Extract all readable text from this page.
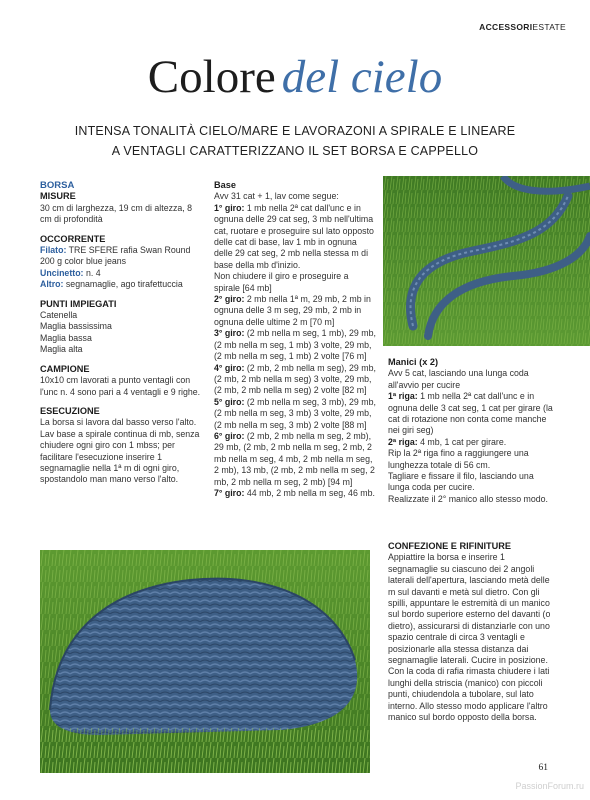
ACCESSORIESTATE
Colore del cielo
INTENSA TONALITÀ CIELO/MARE E LAVORAZONI A SPIRALE E LINEARE
A VENTAGLI CARATTERIZZANO IL SET BORSA E CAPPELLO
BORSA
MISURE

30 cm di larghezza, 19 cm di altezza, 8 cm di profondità

OCCORRENTE

Filato: TRE SFERE rafia Swan Round 200 g color blue jeans

Uncinetto: n. 4

Altro: segnamaglie, ago tirafettuccia

PUNTI IMPIEGATI

Catenella

Maglia bassissima

Maglia bassa

Maglia alta

CAMPIONE

10x10 cm lavorati a punto ventagli con l'unc n. 4 sono pari a 4 ventagli e 9 righe.

ESECUZIONE

La borsa si lavora dal basso verso l'alto. Lav base a spirale continua di mb, senza chiudere ogni giro con 1 mbss; per facilitare l'esecuzione inserire 1 segnamaglie nella 1ª m di ogni giro, spostandolo man mano verso l'alto.

Base

Avv 31 cat + 1, lav come segue:

1° giro: 1 mb nella 2ª cat dall'unc e in ognuna delle 29 cat seg, 3 mb nell'ultima cat, ruotare e proseguire sul lato opposto delle cat di base, lav 1 mb in ognuna delle 29 cat seg, 2 mb nella stessa m di base della mb d'inizio.

Non chiudere il giro e proseguire a spirale [64 mb]

2° giro: 2 mb nella 1ª m, 29 mb, 2 mb in ognuna delle 3 m seg, 29 mb, 2 mb in ognuna delle ultime 2 m [70 m]

3° giro: (2 mb nella m seg, 1 mb), 29 mb, (2 mb nella m seg, 1 mb) 3 volte, 29 mb, (2 mb nella m seg, 1 mb) 2 volte [76 m]

4° giro: (2 mb, 2 mb nella m seg), 29 mb, (2 mb, 2 mb nella m seg) 3 volte, 29 mb, (2 mb, 2 mb nella m seg) 2 volte [82 m]

5° giro: (2 mb nella m seg, 3 mb), 29 mb, (2 mb nella m seg, 3 mb) 3 volte, 29 mb, (2 mb nella m seg, 3 mb) 2 volte [88 m]

6° giro: (2 mb, 2 mb nella m seg, 2 mb), 29 mb, (2 mb, 2 mb nella m seg, 2 mb, 2 mb nella m seg, 4 mb, 2 mb nella m seg, 2 mb), 13 mb, (2 mb, 2 mb nella m seg, 2 mb, 2 mb nella m seg, 2 mb) [94 m]

7° giro: 44 mb, 2 mb nella m seg, 46 mb.

Manici (x 2)

Avv 5 cat, lasciando una lunga coda all'avvio per cucire

1ª riga: 1 mb nella 2ª cat dall'unc e in ognuna delle 3 cat seg, 1 cat per girare (la cat di rotazione non conta come manche nei giri seg)

2ª riga: 4 mb, 1 cat per girare.

Rip la 2ª riga fino a raggiungere una lunghezza totale di 56 cm.

Tagliare e fissare il filo, lasciando una lunga coda per cucire.

Realizzate il 2° manico allo stesso modo.

CONFEZIONE E RIFINITURE

Appiattire la borsa e inserire 1 segnamaglie su ciascuno dei 2 angoli laterali dell'apertura, lasciando metà delle m sul davanti e metà sul dietro. Con gli spilli, appuntare le estremità di un manico sul bordo superiore esterno del davanti (o dietro), assicurarsi di distanziarle con uno spazio centrale di circa 3 ventagli e posizionarle alla stessa distanza dai segnamaglie laterali. Cucire in posizione. Con la coda di rafia rimasta chiudere i lati lunghi della striscia (manico) con piccoli punti, chiudendola a tubolare, sul lato interno. Allo stesso modo applicare l'altro manico sul bordo opposto della borsa.

61
PassionForum.ru
